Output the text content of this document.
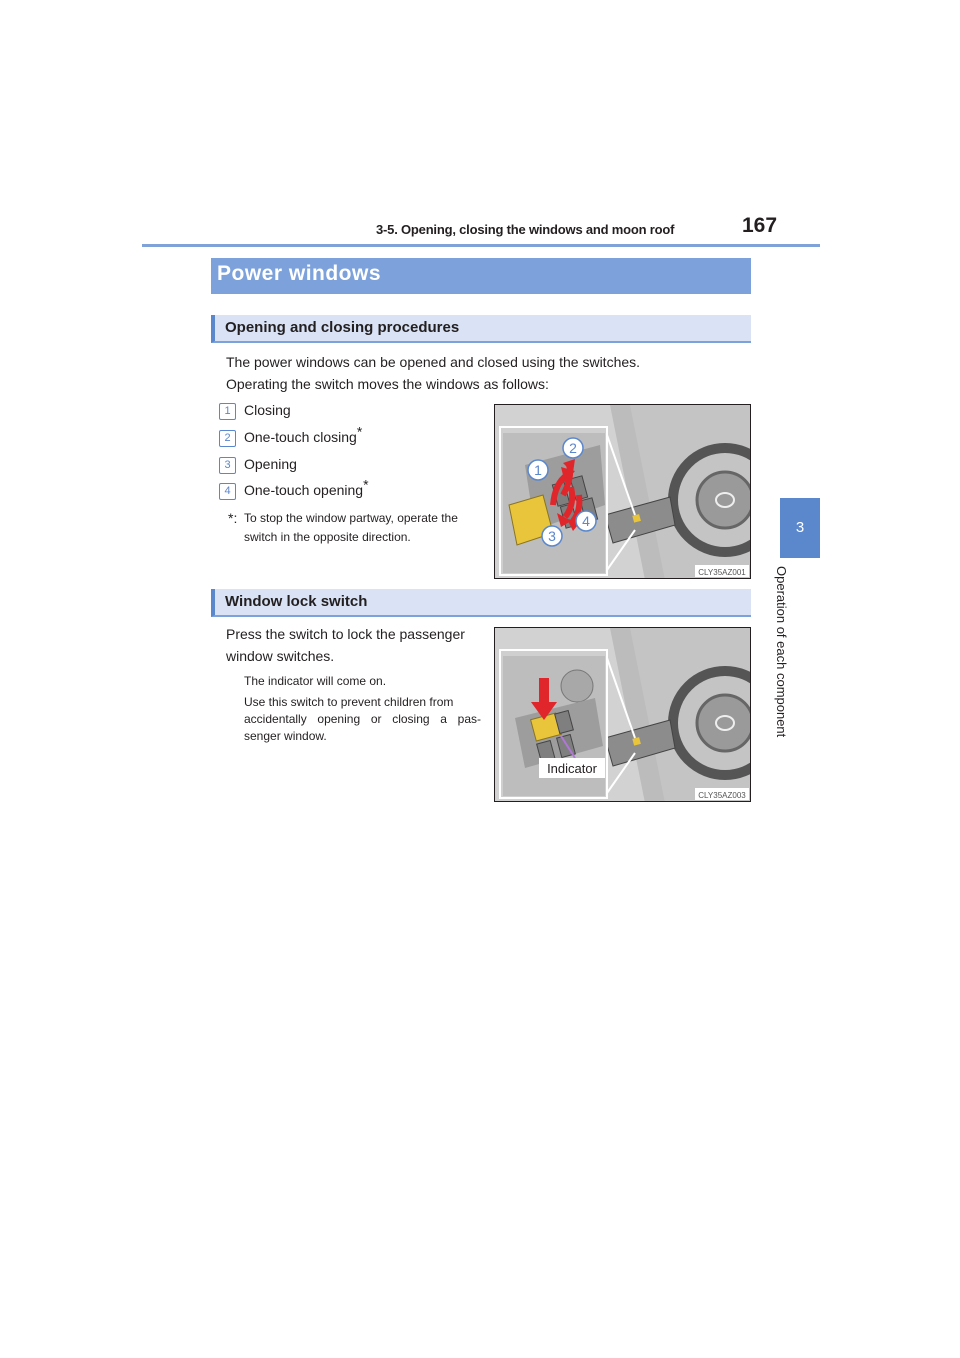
3-5. Opening, closing the windows and moon roof	167
3
Operation of each component
Power windows
Opening and closing procedures
The power windows can be opened and closed using the switches.
Operating the switch moves the windows as follows:
1 Closing
2 One-touch closing*
3 Opening
4 One-touch opening*
*: To stop the window partway, operate the
switch in the opposite direction.
1
2
3
4
CLY35AZ001
Window lock switch
Press the switch to lock the passenger
window switches.
The indicator will come on.
Use this switch to prevent children from
accidentally opening or closing a pas-
senger window.
Indicator
CLY35AZ003
